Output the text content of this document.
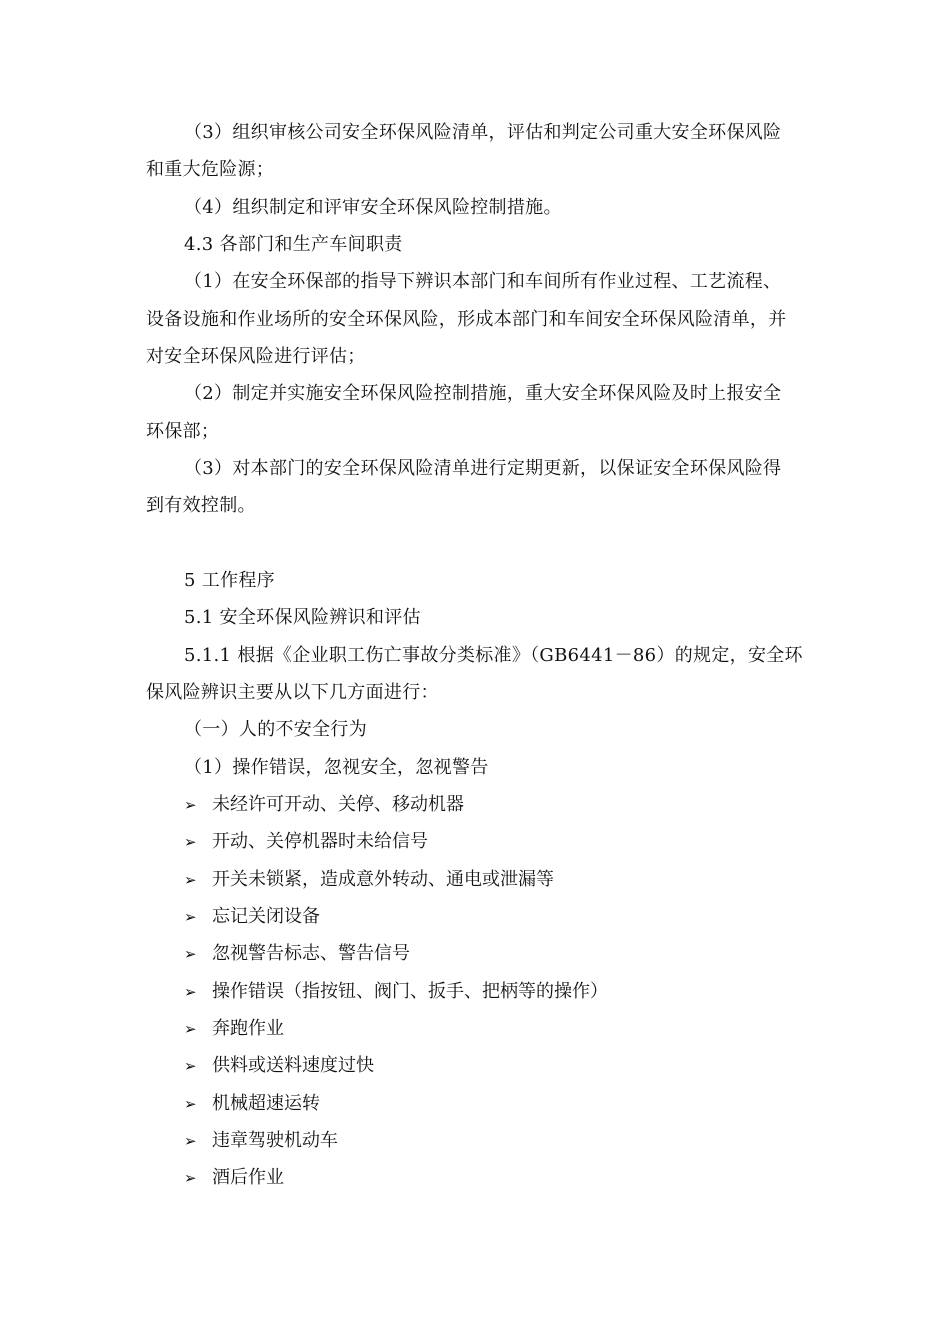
（3）组织审核公司安全环保风险清单，评估和判定公司重大安全环保风险
和重大危险源；
（4）组织制定和评审安全环保风险控制措施。
4.3 各部门和生产车间职责
（1）在安全环保部的指导下辨识本部门和车间所有作业过程、工艺流程、
设备设施和作业场所的安全环保风险，形成本部门和车间安全环保风险清单，并
对安全环保风险进行评估；
（2）制定并实施安全环保风险控制措施，重大安全环保风险及时上报安全
环保部；
（3）对本部门的安全环保风险清单进行定期更新，以保证安全环保风险得
到有效控制。
5 工作程序
5.1 安全环保风险辨识和评估
5.1.1 根据《企业职工伤亡事故分类标准》（GB6441－86）的规定，安全环
保风险辨识主要从以下几方面进行：
（一）人的不安全行为
（1）操作错误，忽视安全，忽视警告
➢ 未经许可开动、关停、移动机器
➢ 开动、关停机器时未给信号
➢ 开关未锁紧，造成意外转动、通电或泄漏等
➢ 忘记关闭设备
➢ 忽视警告标志、警告信号
➢ 操作错误（指按钮、阀门、扳手、把柄等的操作）
➢ 奔跑作业
➢ 供料或送料速度过快
➢ 机械超速运转
➢ 违章驾驶机动车
➢ 酒后作业
